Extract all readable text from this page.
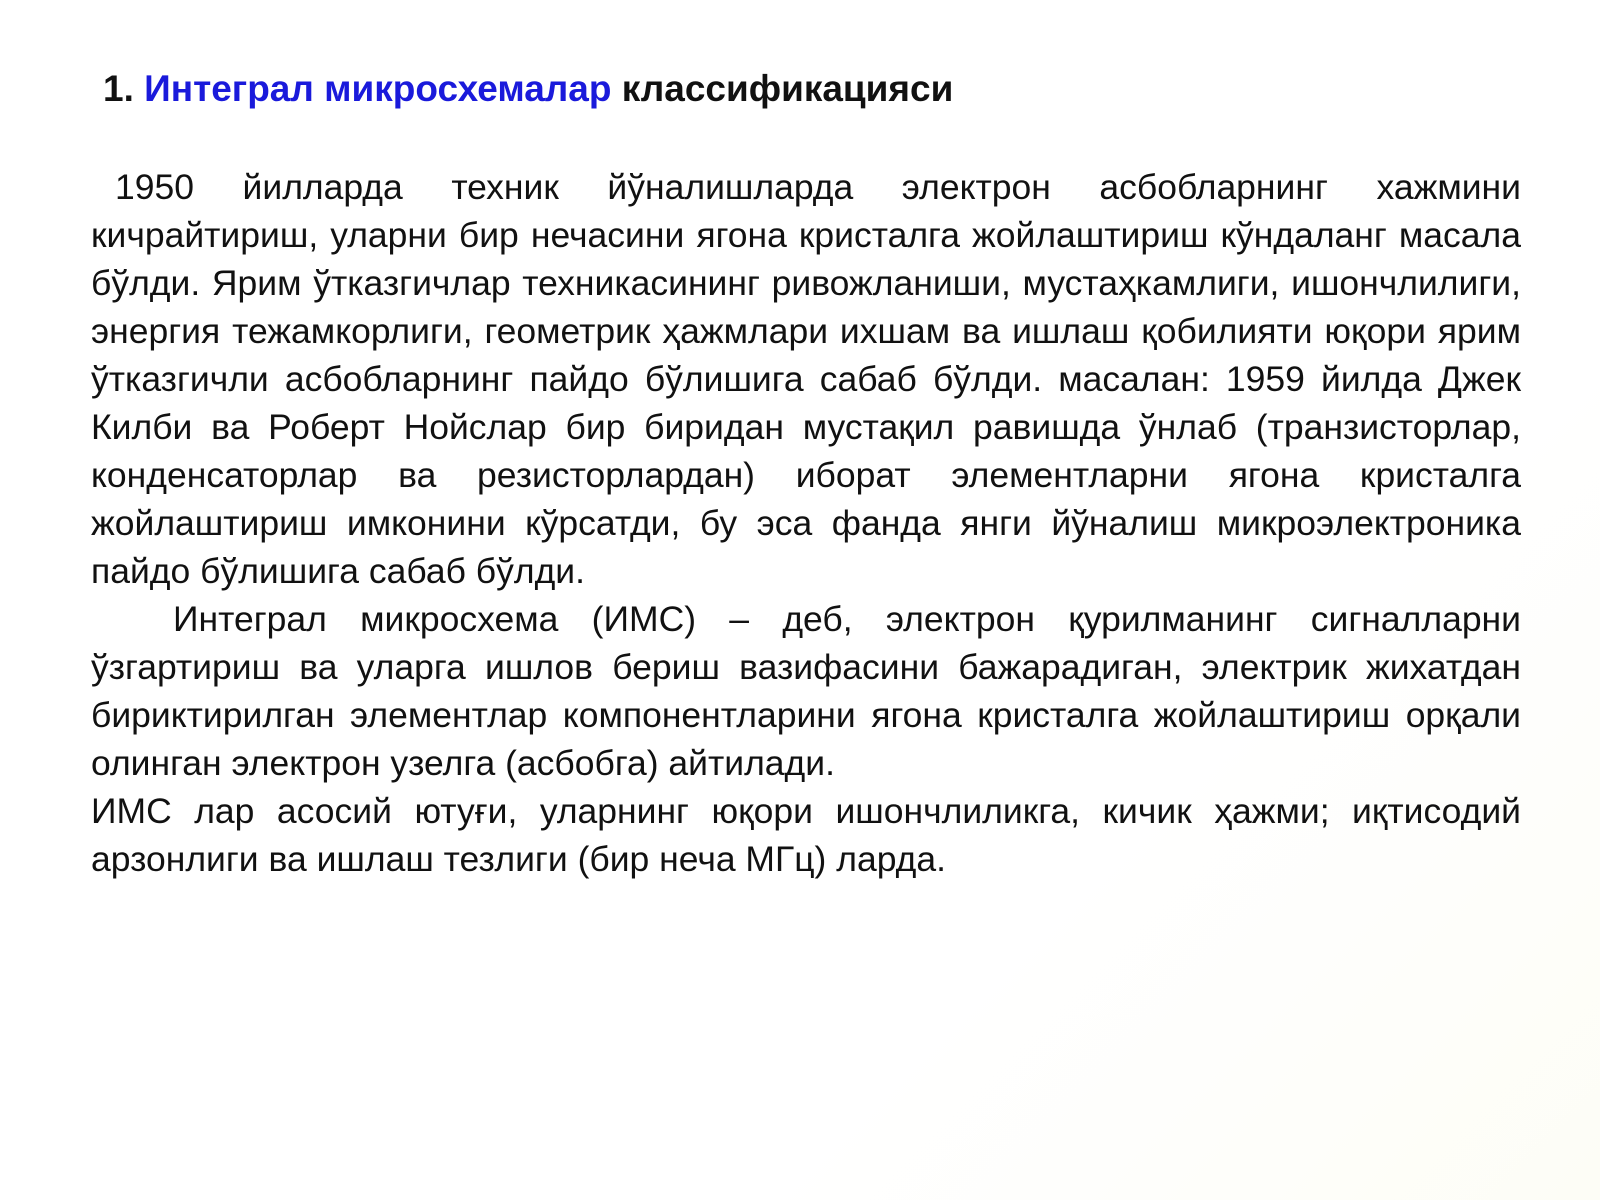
1. Интеграл микросхемалар классификацияси

1950 йилларда техник йўналишларда электрон асбобларнинг хажмини кичрайтириш, уларни бир нечасини ягона кристалга жойлаштириш кўндаланг масала бўлди. Ярим ўтказгичлар техникасининг ривожланиши, мустаҳкамлиги, ишончлилиги, энергия тежамкорлиги, геометрик ҳажмлари ихшам ва ишлаш қобилияти юқори ярим ўтказгичли асбобларнинг пайдо бўлишига сабаб бўлди. масалан: 1959 йилда Джек Килби ва Роберт Нойслар бир биридан мустақил равишда ўнлаб (транзисторлар, конденсаторлар ва резисторлардан) иборат элементларни ягона кристалга жойлаштириш имконини кўрсатди, бу эса фанда янги йўналиш микроэлектроника пайдо бўлишига сабаб бўлди.

Интеграл микросхема (ИМС) – деб, электрон қурилманинг сигналларни ўзгартириш ва уларга ишлов бериш вазифасини бажарадиган, электрик жихатдан бириктирилган элементлар компонентларини ягона кристалга жойлаштириш орқали олинган электрон узелга (асбобга) айтилади.

ИМС лар асосий ютуғи, уларнинг юқори ишончлиликга, кичик ҳажми; иқтисодий арзонлиги ва ишлаш тезлиги (бир неча МГц) ларда.
